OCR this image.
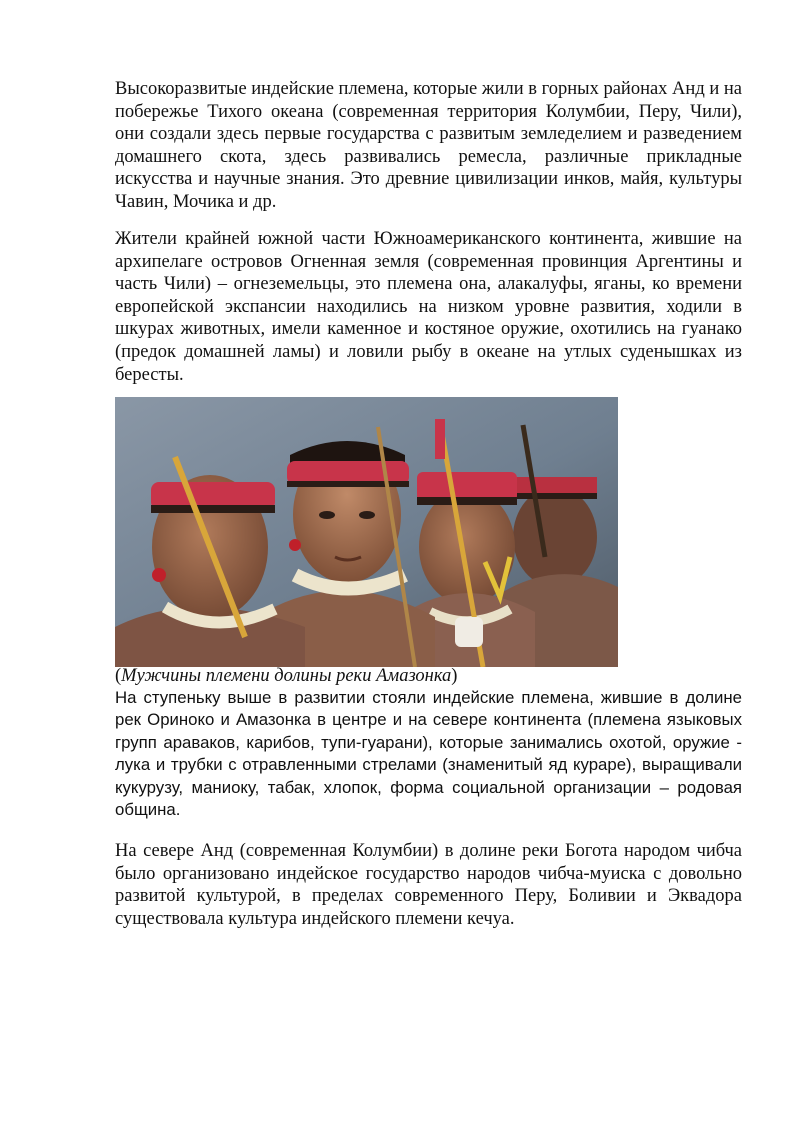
Высокоразвитые индейские племена, которые жили в горных районах Анд и на побережье Тихого океана (современная территория Колумбии, Перу, Чили), они создали здесь первые государства с развитым земледелием и разведением домашнего скота, здесь развивались ремесла, различные прикладные искусства и научные знания. Это древние цивилизации инков, майя, культуры Чавин, Мочика и др.

Жители крайней южной части Южноамериканского континента, жившие на архипелаге островов Огненная земля (современная провинция Аргентины и часть Чили) – огнеземельцы, это племена она, алакалуфы, яганы, ко времени европейской экспансии находились на низком уровне развития, ходили в шкурах животных, имели каменное и костяное оружие, охотились на гуанако (предок домашней ламы) и ловили рыбу в океане на утлых суденышках из бересты.

(Мужчины племени долины реки Амазонка)

На ступеньку выше в развитии стояли индейские племена, жившие в долине рек Ориноко и Амазонка в центре и на севере континента (племена языковых групп араваков, карибов, тупи-гуарани), которые занимались охотой, оружие - лука и трубки с отравленными стрелами (знаменитый яд кураре), выращивали кукурузу, маниоку, табак, хлопок, форма социальной организации – родовая община.

На севере Анд (современная Колумбии) в долине реки Богота народом чибча было организовано индейское государство народов чибча-муиска с довольно развитой культурой, в пределах современного Перу, Боливии и Эквадора существовала культура индейского племени кечуа.
